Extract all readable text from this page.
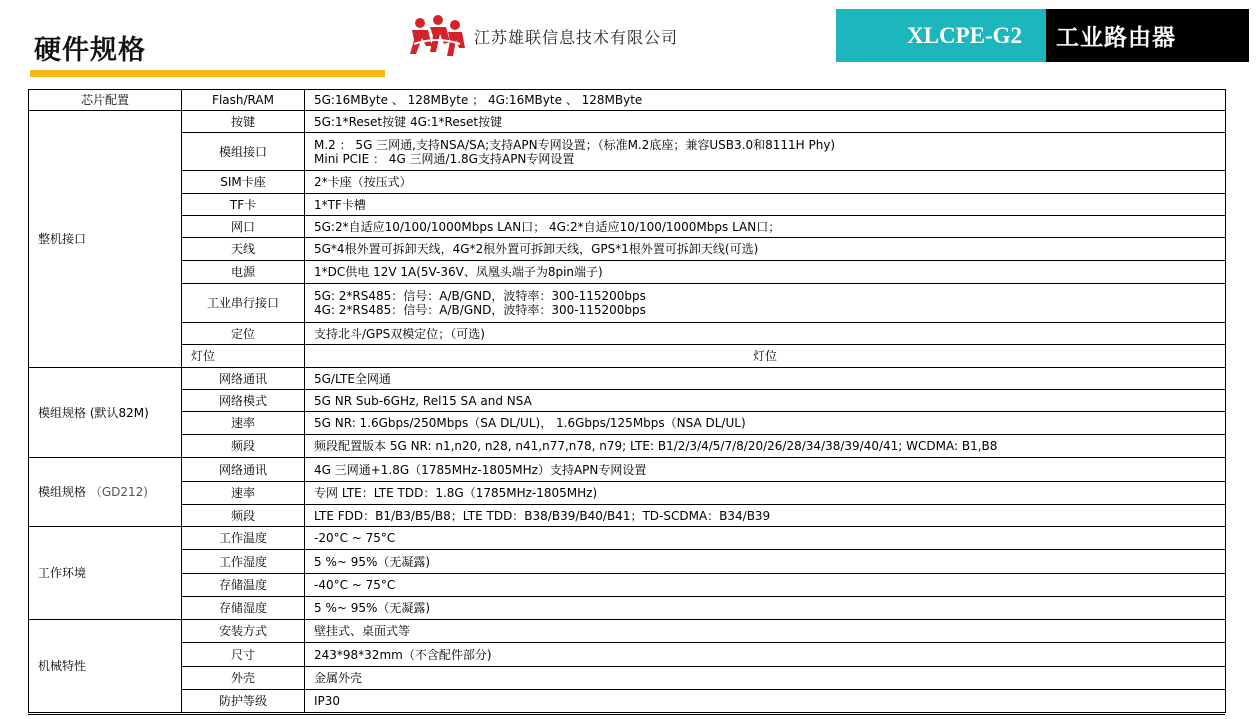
硬件规格	江苏雄联信息技术有限公司	XLCPE-G2	工业路由器
芯片配置	Flash/RAM	5G:16MByte 、 128MByte ； 4G:16MByte 、 128MByte	
整机接口	按键	5G:1*Reset按键 4G:1*Reset按键	
	模组接口	M.2 ： 5G 三网通,支持NSA/SA;支持APN专网设置；（标准M.2底座；兼容USB3.0和8111H Phy)
Mini PCIE ： 4G 三网通/1.8G支持APN专网设置	

	SIM卡座	2*卡座（按压式）	
	TF卡	1*TF卡槽	
	网口	5G:2*自适应10/100/1000Mbps LAN口； 4G:2*自适应10/100/1000Mbps LAN口；	
	天线	5G*4根外置可拆卸天线，4G*2根外置可拆卸天线，GPS*1根外置可拆卸天线(可选)	
	电源	1*DC供电 12V 1A(5V-36V、凤凰头端子为8pin端子)	
	工业串行接口	5G: 2*RS485：信号：A/B/GND，波特率：300-115200bps
4G: 2*RS485：信号：A/B/GND，波特率：300-115200bps	

	定位	支持北斗/GPS双模定位；（可选)	
	灯位	灯位	
模组规格 (默认82M)	网络通讯	5G/LTE全网通	
	网络模式	5G NR Sub-6GHz, Rel15 SA and NSA	
	速率	5G NR: 1.6Gbps/250Mbps（SA DL/UL)， 1.6Gbps/125Mbps（NSA DL/UL)	
	频段	频段配置版本 5G NR: n1,n20, n28, n41,n77,n78, n79; LTE: B1/2/3/4/5/7/8/20/26/28/34/38/39/40/41; WCDMA: B1,B8	
模组规格 （GD212)	网络通讯	4G 三网通+1.8G（1785MHz-1805MHz）支持APN专网设置	
	速率	专网 LTE：LTE TDD：1.8G（1785MHz-1805MHz)	
	频段	LTE FDD：B1/B3/B5/B8；LTE TDD：B38/B39/B40/B41；TD-SCDMA：B34/B39	
工作环境	工作温度	-20°C ~ 75°C	
	工作湿度	5 %~ 95%（无凝露)	
	存储温度	-40°C ~ 75°C	
	存储湿度	5 %~ 95%（无凝露)	
机械特性	安装方式	壁挂式、桌面式等	
	尺寸	243*98*32mm（不含配件部分)	
	外壳	金属外壳	
	防护等级	IP30	
